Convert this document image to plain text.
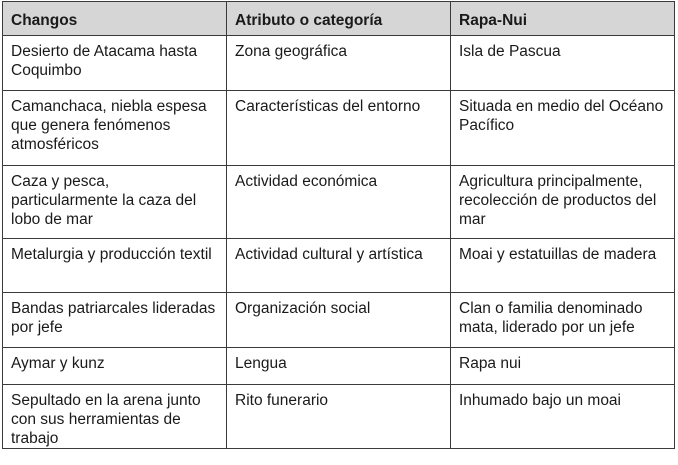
Changos	Atributo o categoría	Rapa-Nui
Desierto de Atacama hasta Coquimbo	Zona geográfica	Isla de Pascua
Camanchaca, niebla espesa que genera fenómenos atmosféricos	Características del entorno	Situada en medio del Océano Pacífico
Caza y pesca, particularmente la caza del lobo de mar	Actividad económica	Agricultura principalmente, recolección de productos del mar
Metalurgia y producción textil	Actividad cultural y artística	Moai y estatuillas de madera
Bandas patriarcales lideradas por jefe	Organización social	Clan o familia denominado mata, liderado por un jefe
Aymar y kunz	Lengua	Rapa nui
Sepultado en la arena junto con sus herramientas de trabajo	Rito funerario	Inhumado bajo un moai
